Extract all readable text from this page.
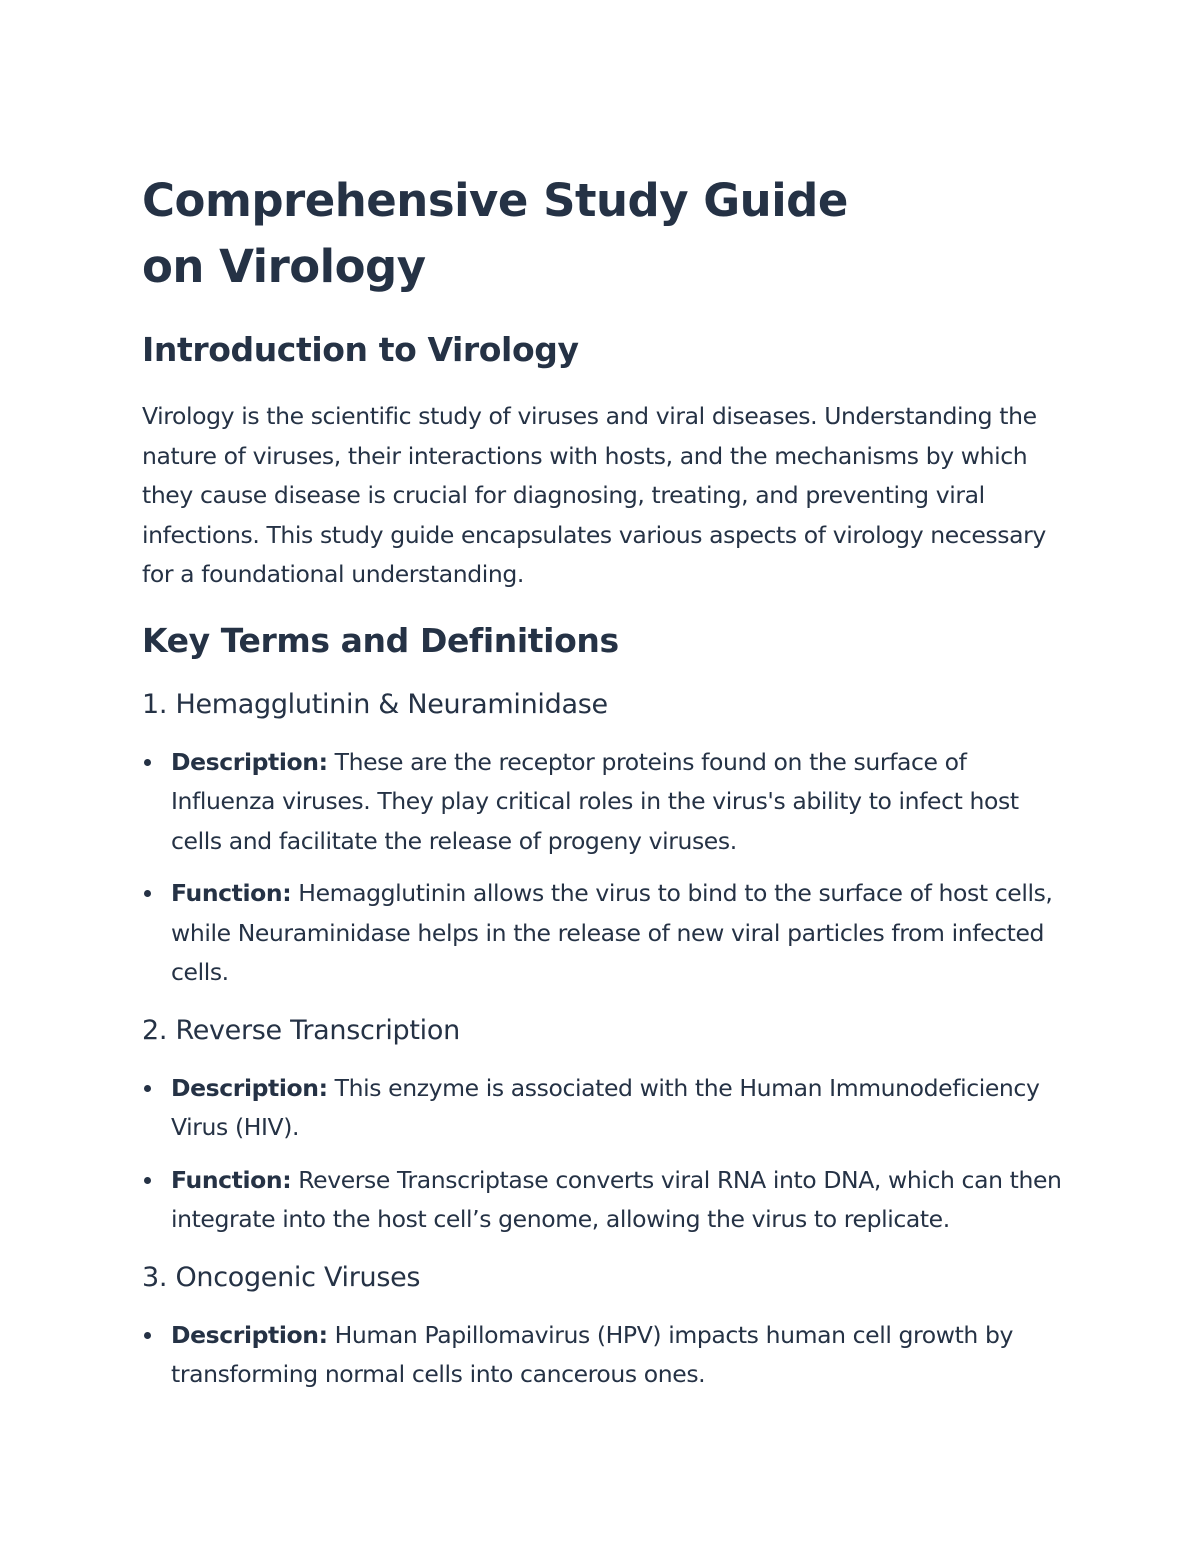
Comprehensive Study Guide on Virology
Introduction to Virology

Virology is the scientific study of viruses and viral diseases. Understanding the nature of viruses, their interactions with hosts, and the mechanisms by which they cause disease is crucial for diagnosing, treating, and preventing viral infections. This study guide encapsulates various aspects of virology necessary for a foundational understanding.

Key Terms and Definitions
1. Hemagglutinin & Neuraminidase
Description: These are the receptor proteins found on the surface of Influenza viruses. They play critical roles in the virus's ability to infect host cells and facilitate the release of progeny viruses.
Function: Hemagglutinin allows the virus to bind to the surface of host cells, while Neuraminidase helps in the release of new viral particles from infected cells.
2. Reverse Transcription
Description: This enzyme is associated with the Human Immunodeficiency Virus (HIV).
Function: Reverse Transcriptase converts viral RNA into DNA, which can then integrate into the host cell’s genome, allowing the virus to replicate.
3. Oncogenic Viruses
Description: Human Papillomavirus (HPV) impacts human cell growth by transforming normal cells into cancerous ones.
